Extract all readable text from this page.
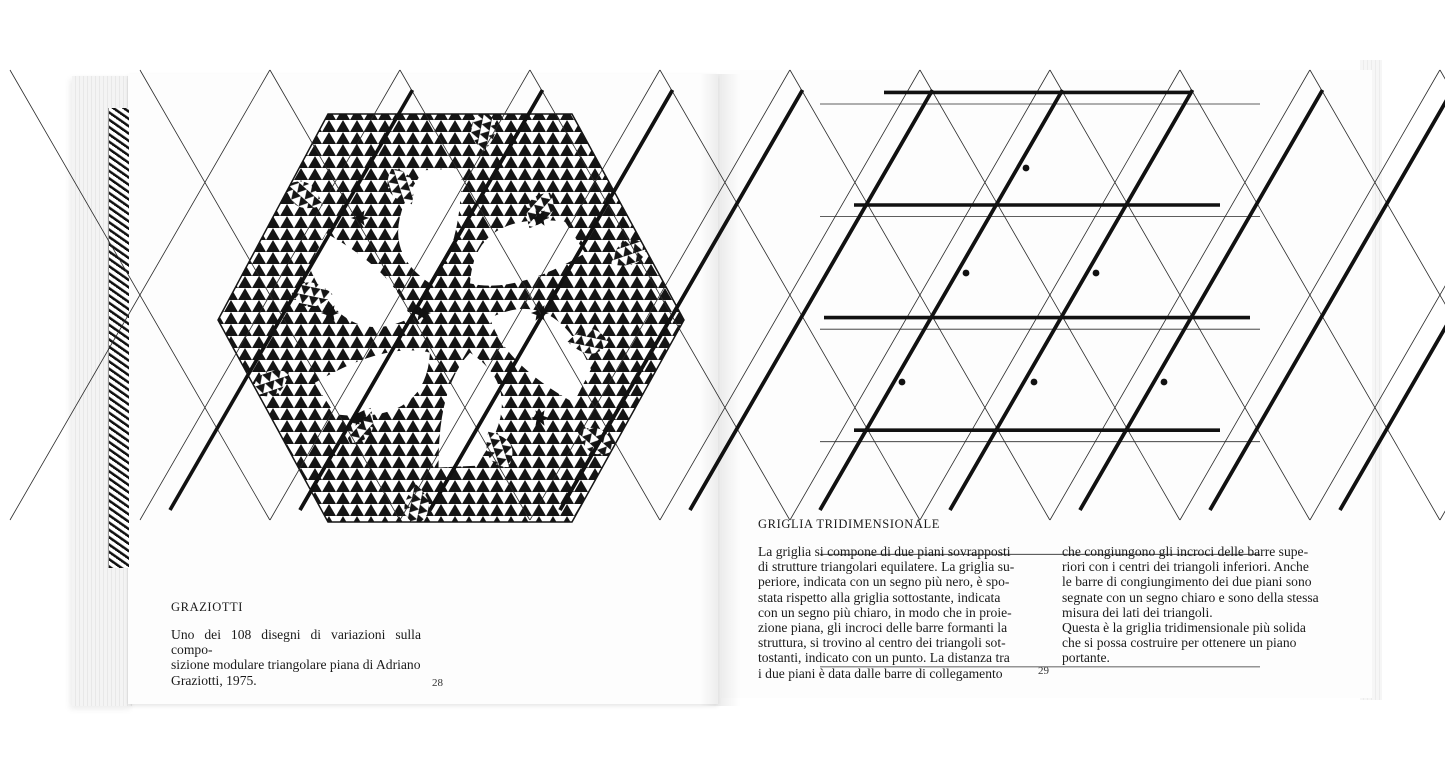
GRAZIOTTI
Uno dei 108 disegni di variazioni sulla compo-
sizione modulare triangolare piana di Adriano
Graziotti, 1975.	28
GRIGLIA TRIDIMENSIONALE
La griglia si compone di due piani sovrapposti
di strutture triangolari equilatere. La griglia su-
periore, indicata con un segno più nero, è spo-
stata rispetto alla griglia sottostante, indicata
con un segno più chiaro, in modo che in proie-
zione piana, gli incroci delle barre formanti la
struttura, si trovino al centro dei triangoli sot-
tostanti, indicato con un punto. La distanza tra
i due piani è data dalle barre di collegamento
che congiungono gli incroci delle barre supe-
riori con i centri dei triangoli inferiori. Anche
le barre di congiungimento dei due piani sono
segnate con un segno chiaro e sono della stessa
misura dei lati dei triangoli.
Questa è la griglia tridimensionale più solida
che si possa costruire per ottenere un piano
portante.
29
